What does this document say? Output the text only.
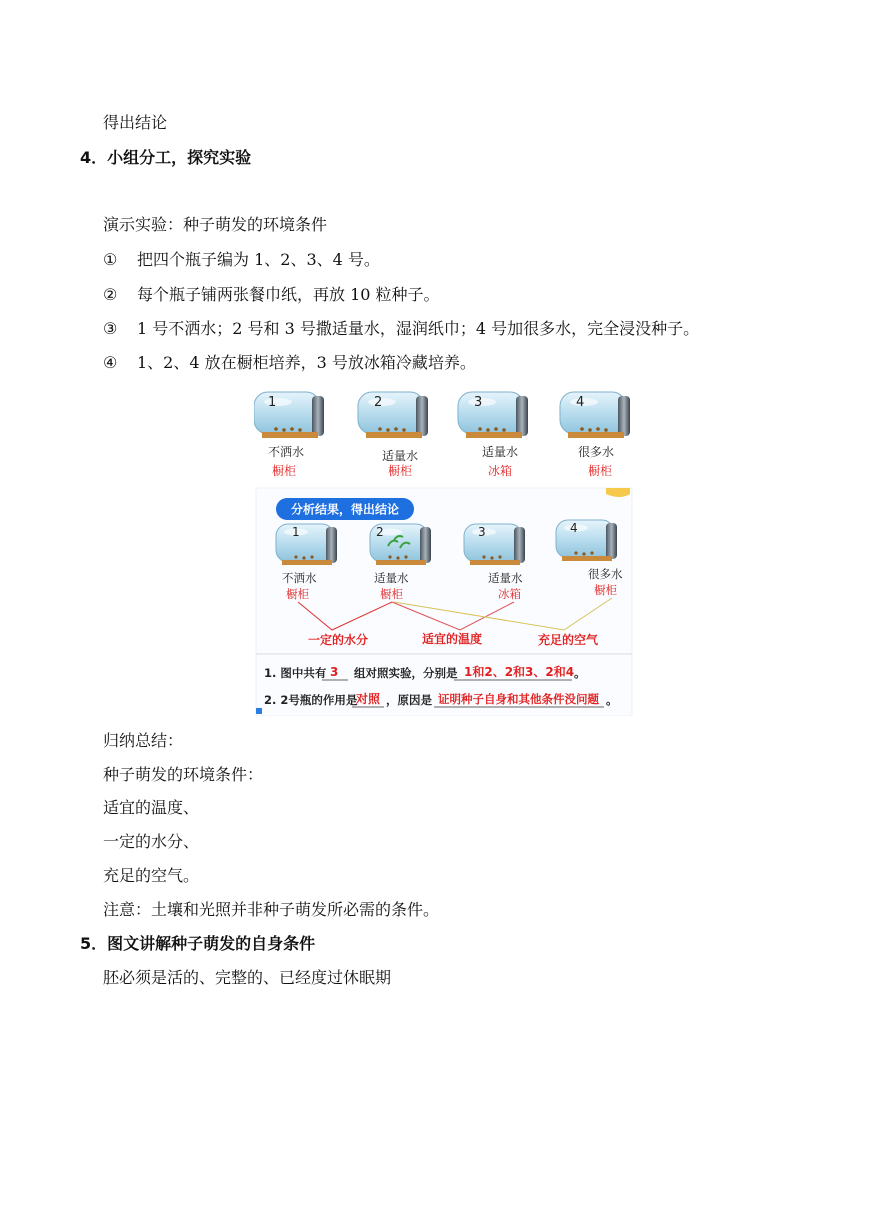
得出结论
4．小组分工，探究实验
演示实验：种子萌发的环境条件
① 把四个瓶子编为 1、2、3、4 号。
② 每个瓶子铺两张餐巾纸，再放 10 粒种子。
③ 1 号不洒水；2 号和 3 号撒适量水，湿润纸巾；4 号加很多水，完全浸没种子。
④ 1、2、4 放在橱柜培养，3 号放冰箱冷藏培养。
1	2	3	4
不洒水	适量水	适量水	很多水
橱柜	橱柜	冰箱	橱柜
分析结果，得出结论
1	2	3	4
不洒水	适量水	适量水	很多水
橱柜	橱柜	冰箱	橱柜
一定的水分	适宜的温度	充足的空气
1. 图中共有 3 组对照实验，分别是 1和2、2和3、2和4 。
2. 2号瓶的作用是
对照 ，原因是 证明种子自身和其他条件没问题 。
归纳总结：
种子萌发的环境条件：
适宜的温度、
一定的水分、
充足的空气。
注意：土壤和光照并非种子萌发所必需的条件。
5．图文讲解种子萌发的自身条件
胚必须是活的、完整的、已经度过休眠期
